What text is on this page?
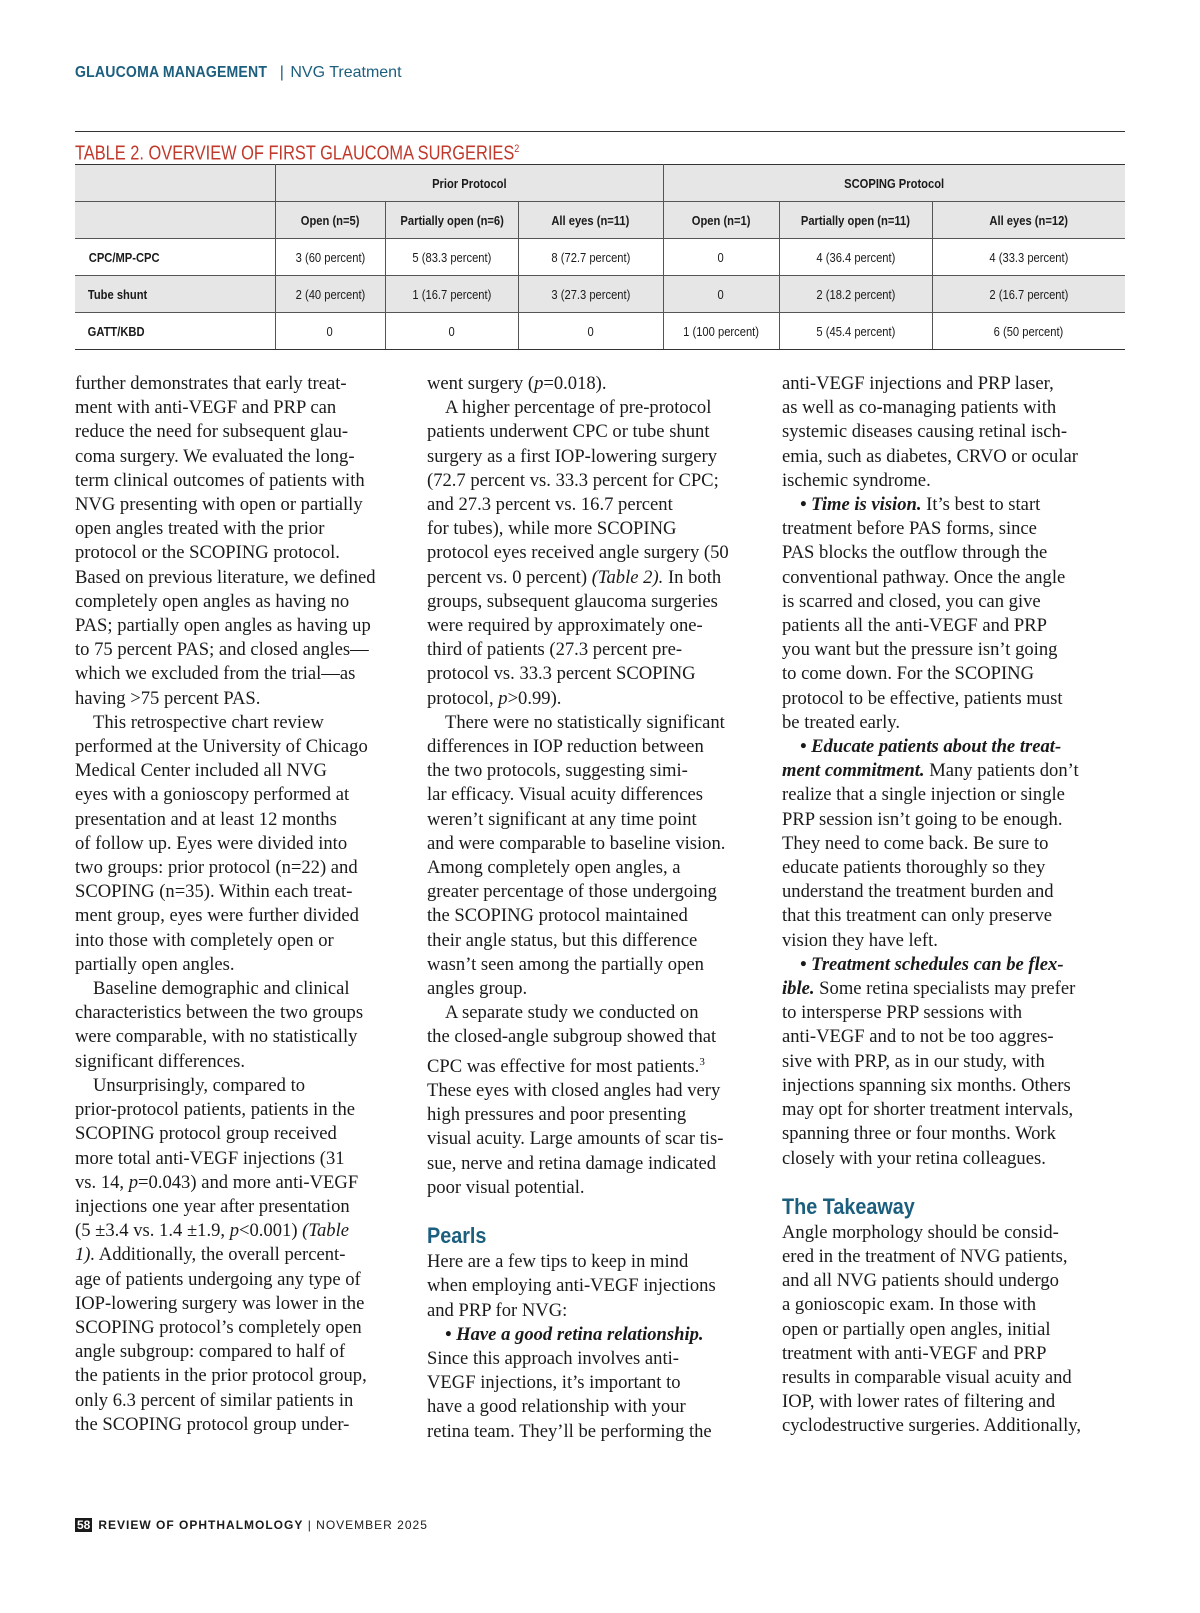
GLAUCOMA MANAGEMENT | NVG Treatment
TABLE 2. OVERVIEW OF FIRST GLAUCOMA SURGERIES$^2$
	Prior Protocol			SCOPING Protocol		
	Open (n=5)	Partially open (n=6)	All eyes (n=11)	Open (n=1)	Partially open (n=11)	All eyes (n=12)
CPC/MP-CPC	3 (60 percent)	5 (83.3 percent)	8 (72.7 percent)	0	4 (36.4 percent)	4 (33.3 percent)
Tube shunt	2 (40 percent)	1 (16.7 percent)	3 (27.3 percent)	0	2 (18.2 percent)	2 (16.7 percent)
GATT/KBD	0	0	0	1 (100 percent)	5 (45.4 percent)	6 (50 percent)

further demonstrates that early treat-
ment with anti-VEGF and PRP can
reduce the need for subsequent glau-
coma surgery. We evaluated the long-
term clinical outcomes of patients with
NVG presenting with open or partially
open angles treated with the prior
protocol or the SCOPING protocol.
Based on previous literature, we defined
completely open angles as having no
PAS; partially open angles as having up
to 75 percent PAS; and closed angles—
which we excluded from the trial—as
having >75 percent PAS.

This retrospective chart review
performed at the University of Chicago
Medical Center included all NVG
eyes with a gonioscopy performed at
presentation and at least 12 months
of follow up. Eyes were divided into
two groups: prior protocol (n=22) and
SCOPING (n=35). Within each treat-
ment group, eyes were further divided
into those with completely open or
partially open angles.

Baseline demographic and clinical
characteristics between the two groups
were comparable, with no statistically
significant differences.

Unsurprisingly, compared to
prior-protocol patients, patients in the
SCOPING protocol group received
more total anti-VEGF injections (31
vs. 14, p=0.043) and more anti-VEGF
injections one year after presentation
(5 ±3.4 vs. 1.4 ±1.9, p<0.001) (Table
1). Additionally, the overall percent-
age of patients undergoing any type of
IOP-lowering surgery was lower in the
SCOPING protocol’s completely open
angle subgroup: compared to half of
the patients in the prior protocol group,
only 6.3 percent of similar patients in
the SCOPING protocol group under-

went surgery (p=0.018).

A higher percentage of pre-protocol
patients underwent CPC or tube shunt
surgery as a first IOP-lowering surgery
(72.7 percent vs. 33.3 percent for CPC;
and 27.3 percent vs. 16.7 percent
for tubes), while more SCOPING
protocol eyes received angle surgery (50
percent vs. 0 percent) (Table 2). In both
groups, subsequent glaucoma surgeries
were required by approximately one-
third of patients (27.3 percent pre-
protocol vs. 33.3 percent SCOPING
protocol, p>0.99).

There were no statistically significant
differences in IOP reduction between
the two protocols, suggesting simi-
lar efficacy. Visual acuity differences
weren’t significant at any time point
and were comparable to baseline vision.
Among completely open angles, a
greater percentage of those undergoing
the SCOPING protocol maintained
their angle status, but this difference
wasn’t seen among the partially open
angles group.

A separate study we conducted on
the closed-angle subgroup showed that
CPC was effective for most patients.$^3$
These eyes with closed angles had very
high pressures and poor presenting
visual acuity. Large amounts of scar tis-
sue, nerve and retina damage indicated
poor visual potential.

Pearls

Here are a few tips to keep in mind
when employing anti-VEGF injections
and PRP for NVG:

• Have a good retina relationship.
Since this approach involves anti-
VEGF injections, it’s important to
have a good relationship with your
retina team. They’ll be performing the

anti-VEGF injections and PRP laser,
as well as co-managing patients with
systemic diseases causing retinal isch-
emia, such as diabetes, CRVO or ocular
ischemic syndrome.

• Time is vision. It’s best to start
treatment before PAS forms, since
PAS blocks the outflow through the
conventional pathway. Once the angle
is scarred and closed, you can give
patients all the anti-VEGF and PRP
you want but the pressure isn’t going
to come down. For the SCOPING
protocol to be effective, patients must
be treated early.

• Educate patients about the treat-
ment commitment. Many patients don’t
realize that a single injection or single
PRP session isn’t going to be enough.
They need to come back. Be sure to
educate patients thoroughly so they
understand the treatment burden and
that this treatment can only preserve
vision they have left.

• Treatment schedules can be flex-
ible. Some retina specialists may prefer
to intersperse PRP sessions with
anti-VEGF and to not be too aggres-
sive with PRP, as in our study, with
injections spanning six months. Others
may opt for shorter treatment intervals,
spanning three or four months. Work
closely with your retina colleagues.

The Takeaway

Angle morphology should be consid-
ered in the treatment of NVG patients,
and all NVG patients should undergo
a gonioscopic exam. In those with
open or partially open angles, initial
treatment with anti-VEGF and PRP
results in comparable visual acuity and
IOP, with lower rates of filtering and
cyclodestructive surgeries. Additionally,

58 REVIEW OF OPHTHALMOLOGY | NOVEMBER 2025
